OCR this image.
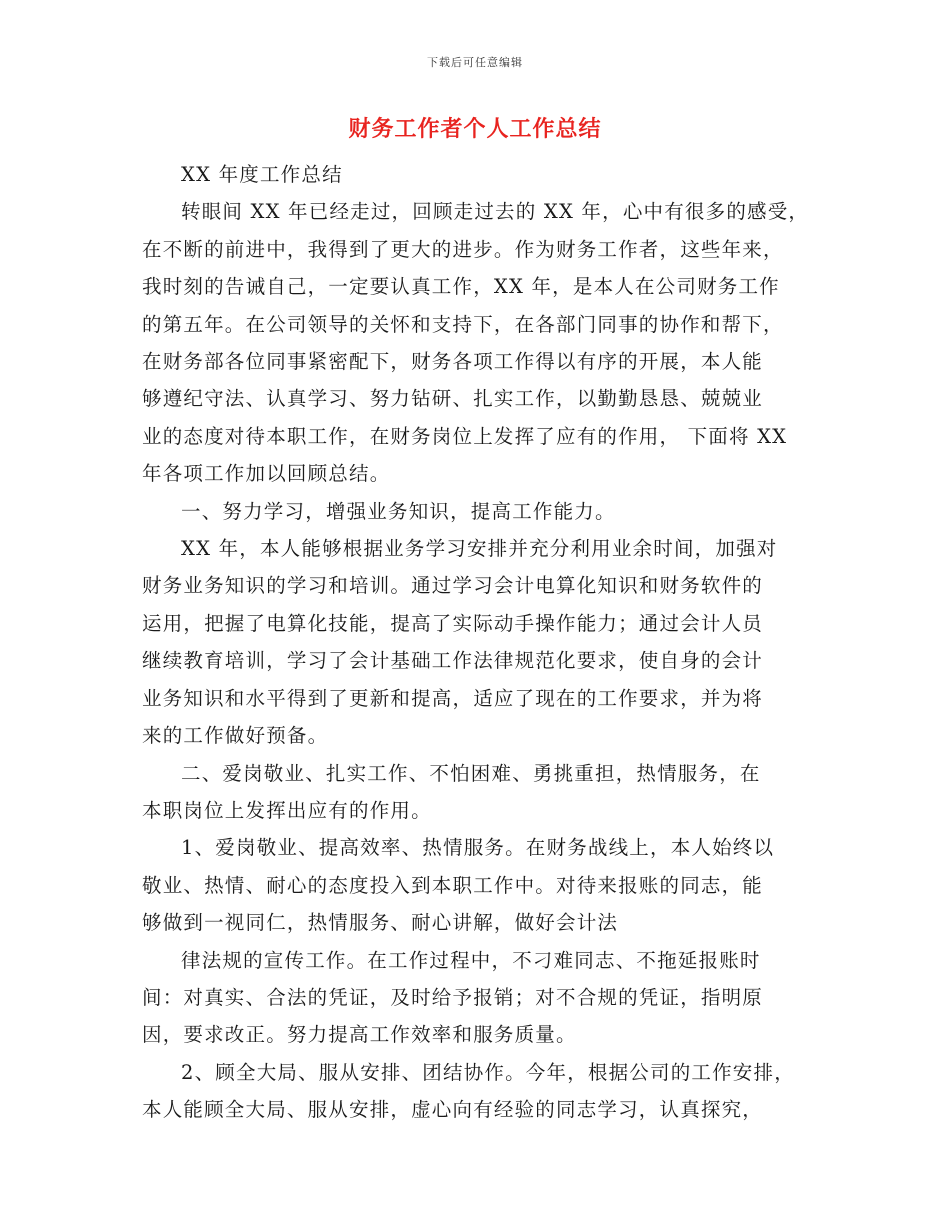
下载后可任意编辑
财务工作者个人工作总结

XX 年度工作总结

转眼间 XX 年已经走过，回顾走过去的 XX 年，心中有很多的感受，

在不断的前进中，我得到了更大的进步。作为财务工作者，这些年来，

我时刻的告诫自己，一定要认真工作，XX 年，是本人在公司财务工作

的第五年。在公司领导的关怀和支持下，在各部门同事的协作和帮下，

在财务部各位同事紧密配下，财务各项工作得以有序的开展，本人能

够遵纪守法、认真学习、努力钻研、扎实工作，以勤勤恳恳、兢兢业

业的态度对待本职工作，在财务岗位上发挥了应有的作用， 下面将 XX

年各项工作加以回顾总结。

一、努力学习，增强业务知识，提高工作能力。

XX 年，本人能够根据业务学习安排并充分利用业余时间，加强对

财务业务知识的学习和培训。通过学习会计电算化知识和财务软件的

运用，把握了电算化技能，提高了实际动手操作能力；通过会计人员

继续教育培训，学习了会计基础工作法律规范化要求，使自身的会计

业务知识和水平得到了更新和提高，适应了现在的工作要求，并为将

来的工作做好预备。

二、爱岗敬业、扎实工作、不怕困难、勇挑重担，热情服务，在

本职岗位上发挥出应有的作用。

1、爱岗敬业、提高效率、热情服务。在财务战线上，本人始终以

敬业、热情、耐心的态度投入到本职工作中。对待来报账的同志，能

够做到一视同仁，热情服务、耐心讲解，做好会计法

律法规的宣传工作。在工作过程中，不刁难同志、不拖延报账时

间：对真实、合法的凭证，及时给予报销；对不合规的凭证，指明原

因，要求改正。努力提高工作效率和服务质量。

2、顾全大局、服从安排、团结协作。今年，根据公司的工作安排，

本人能顾全大局、服从安排，虚心向有经验的同志学习，认真探究，
